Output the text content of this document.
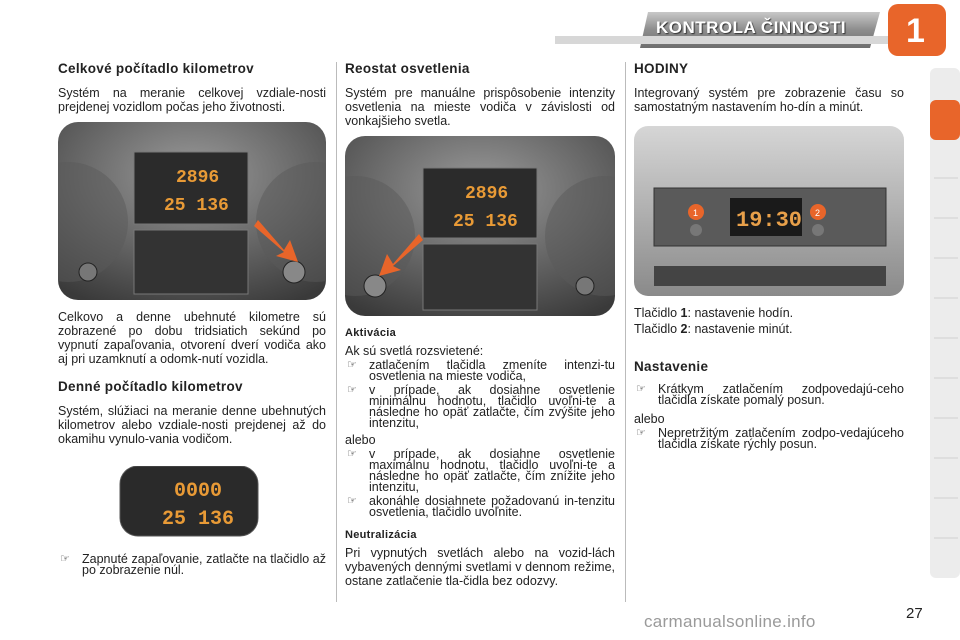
KONTROLA ČINNOSTI 1
Celkové počítadlo kilometrov

Systém na meranie celkovej vzdiale-nosti prejdenej vozidlom počas jeho životnosti.

2896
25 136

Celkovo a denne ubehnuté kilometre sú zobrazené po dobu tridsiatich sekúnd po vypnutí zapaľovania, otvorení dverí vodiča ako aj pri uzamknutí a odomk-nutí vozidla.

Denné počítadlo kilometrov

Systém, slúžiaci na meranie denne ubehnutých kilometrov alebo vzdiale-nosti prejdenej až do okamihu vynulo-vania vodičom.

0000
25 136
☞ Zapnuté zapaľovanie, zatlačte na tlačidlo až po zobrazenie núl.
Reostat osvetlenia

Systém pre manuálne prispôsobenie intenzity osvetlenia na mieste vodiča v závislosti od vonkajšieho svetla.

2896
25 136
Aktivácia

Ak sú svetlá rozsvietené:

☞ zatlačením tlačidla zmeníte intenzi-tu osvetlenia na mieste vodiča,
☞ v prípade, ak dosiahne osvetlenie minimálnu hodnotu, tlačidlo uvoľni-te a následne ho opäť zatlačte, čím zvýšite jeho intenzitu,

alebo

☞ v prípade, ak dosiahne osvetlenie maximálnu hodnotu, tlačidlo uvoľni-te a následne ho opäť zatlačte, čím znížite jeho intenzitu,
☞ akonáhle dosiahnete požadovanú in-tenzitu osvetlenia, tlačidlo uvoľnite.
Neutralizácia

Pri vypnutých svetlách alebo na vozid-lách vybavených dennými svetlami v dennom režime, ostane zatlačenie tla-čidla bez odozvy.

HODINY

Integrovaný systém pre zobrazenie času so samostatným nastavením ho-dín a minút.

19:30
1	2

Tlačidlo 1: nastavenie hodín.

Tlačidlo 2: nastavenie minút.

Nastavenie
☞ Krátkym zatlačením zodpovedajú-ceho tlačidla získate pomalý posun.

alebo

☞ Nepretržitým zatlačením zodpo-vedajúceho tlačidla získate rýchly posun.
27
carmanualsonline.info
